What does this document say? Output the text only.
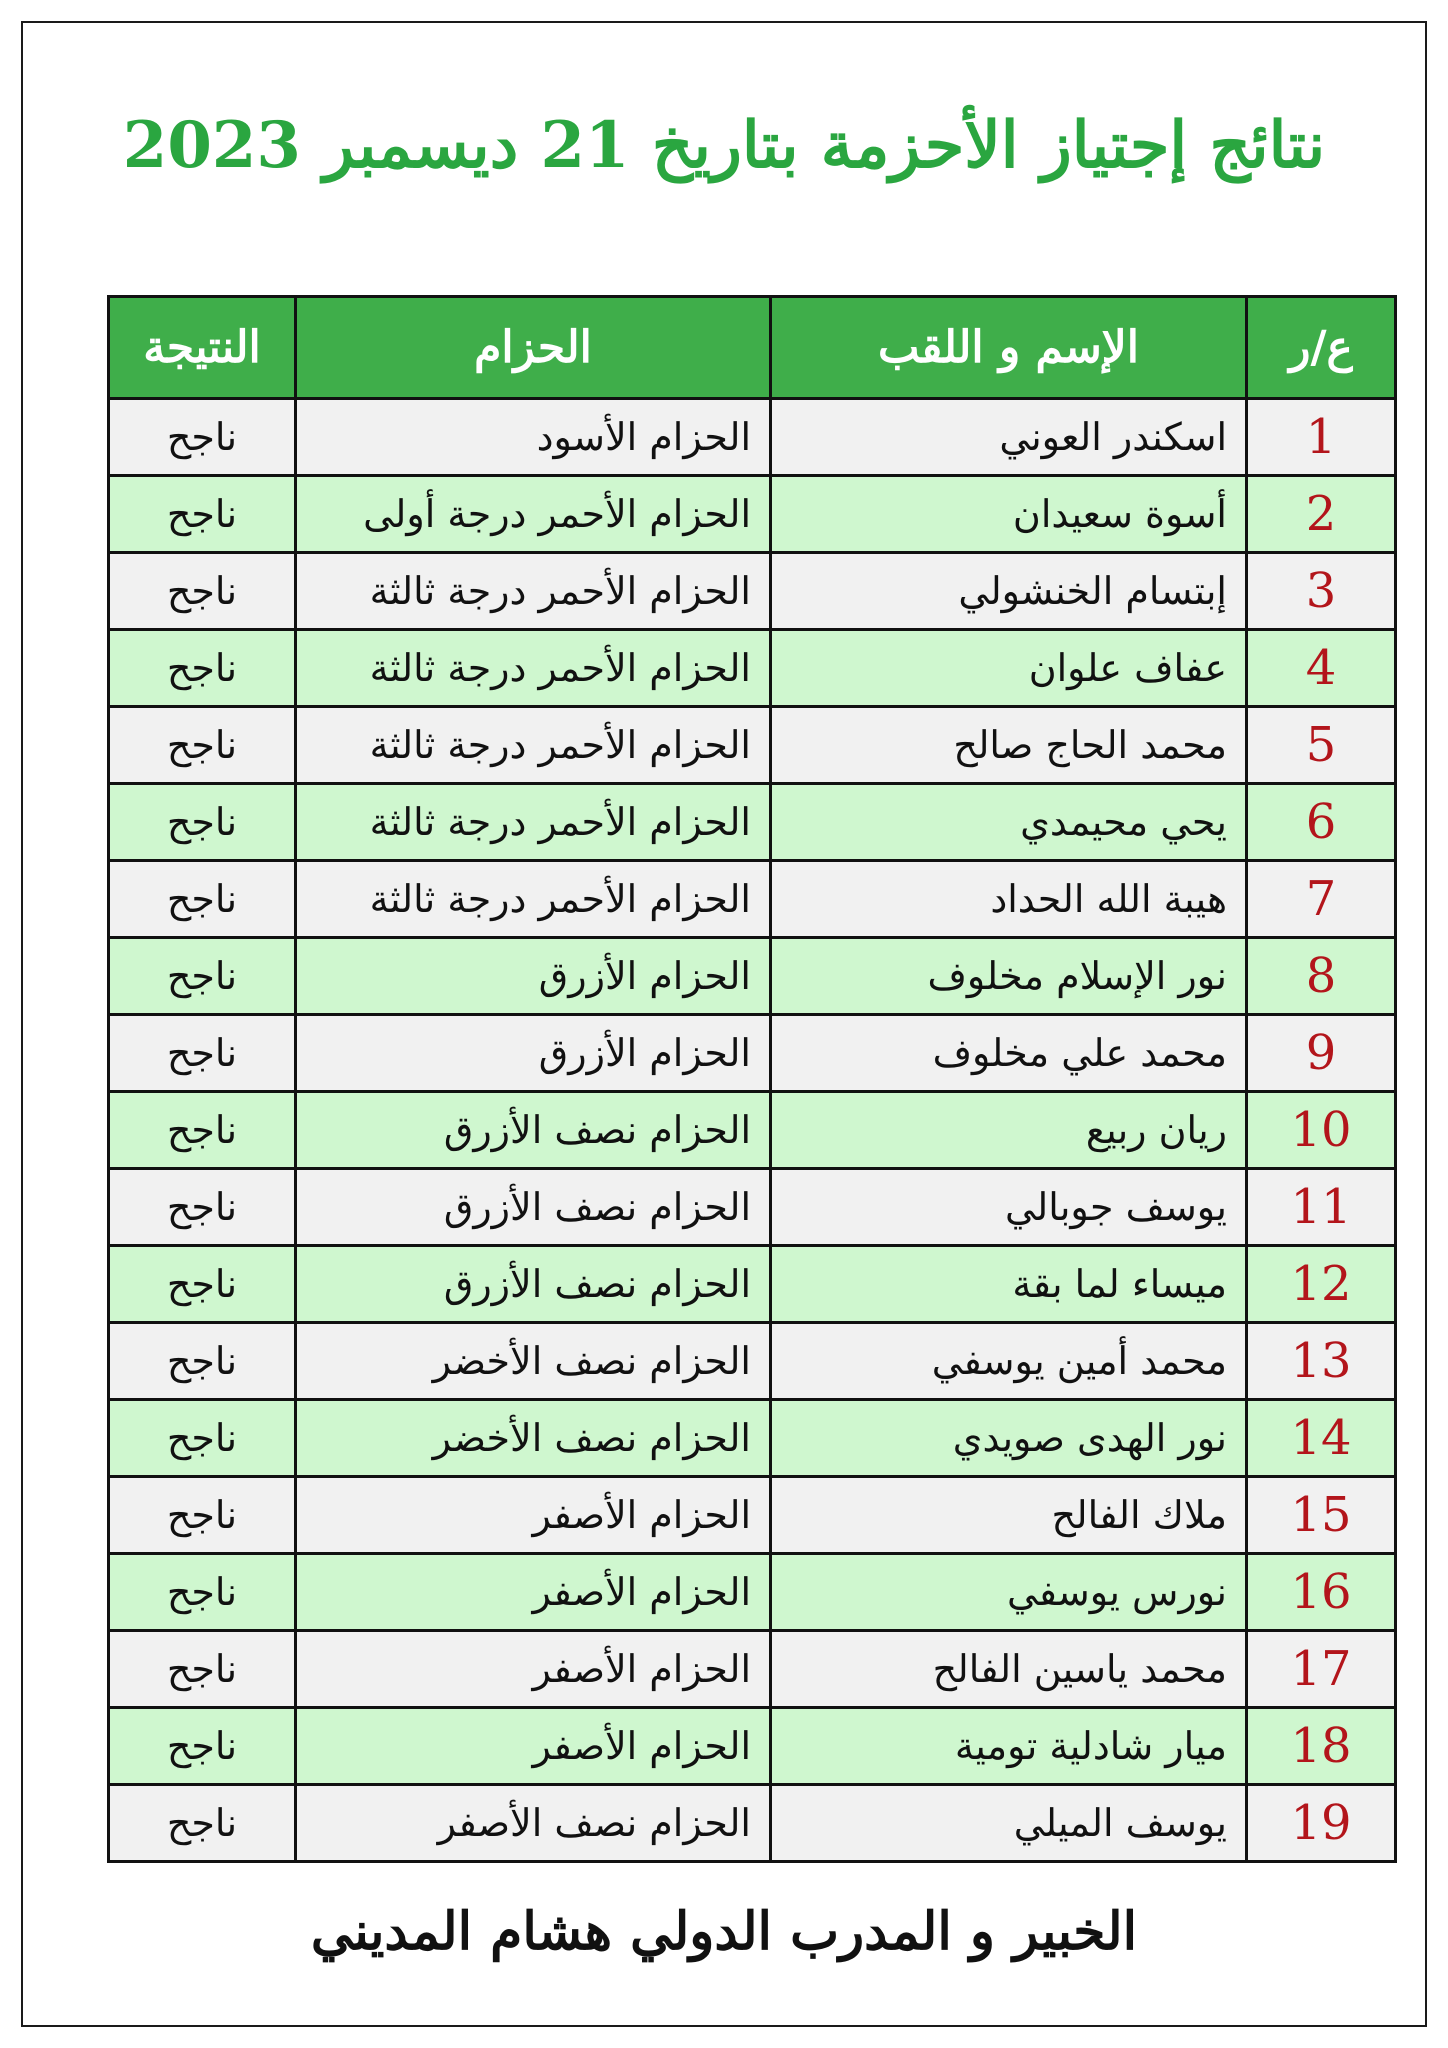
نتائج إجتياز الأحزمة بتاريخ 21 ديسمبر 2023
ع/ر	الإسم و اللقب	الحزام	النتيجة
1	اسكندر العوني	الحزام الأسود	ناجح
2	أسوة سعيدان	الحزام الأحمر درجة أولى	ناجح
3	إبتسام الخنشولي	الحزام الأحمر درجة ثالثة	ناجح
4	عفاف علوان	الحزام الأحمر درجة ثالثة	ناجح
5	محمد الحاج صالح	الحزام الأحمر درجة ثالثة	ناجح
6	يحي محيمدي	الحزام الأحمر درجة ثالثة	ناجح
7	هيبة الله الحداد	الحزام الأحمر درجة ثالثة	ناجح
8	نور الإسلام مخلوف	الحزام الأزرق	ناجح
9	محمد علي مخلوف	الحزام الأزرق	ناجح
10	ريان ربيع	الحزام نصف الأزرق	ناجح
11	يوسف جوبالي	الحزام نصف الأزرق	ناجح
12	ميساء لما بقة	الحزام نصف الأزرق	ناجح
13	محمد أمين يوسفي	الحزام نصف الأخضر	ناجح
14	نور الهدى صويدي	الحزام نصف الأخضر	ناجح
15	ملاك الفالح	الحزام الأصفر	ناجح
16	نورس يوسفي	الحزام الأصفر	ناجح
17	محمد ياسين الفالح	الحزام الأصفر	ناجح
18	ميار شادلية تومية	الحزام الأصفر	ناجح
19	يوسف الميلي	الحزام نصف الأصفر	ناجح
الخبير و المدرب الدولي هشام المديني
